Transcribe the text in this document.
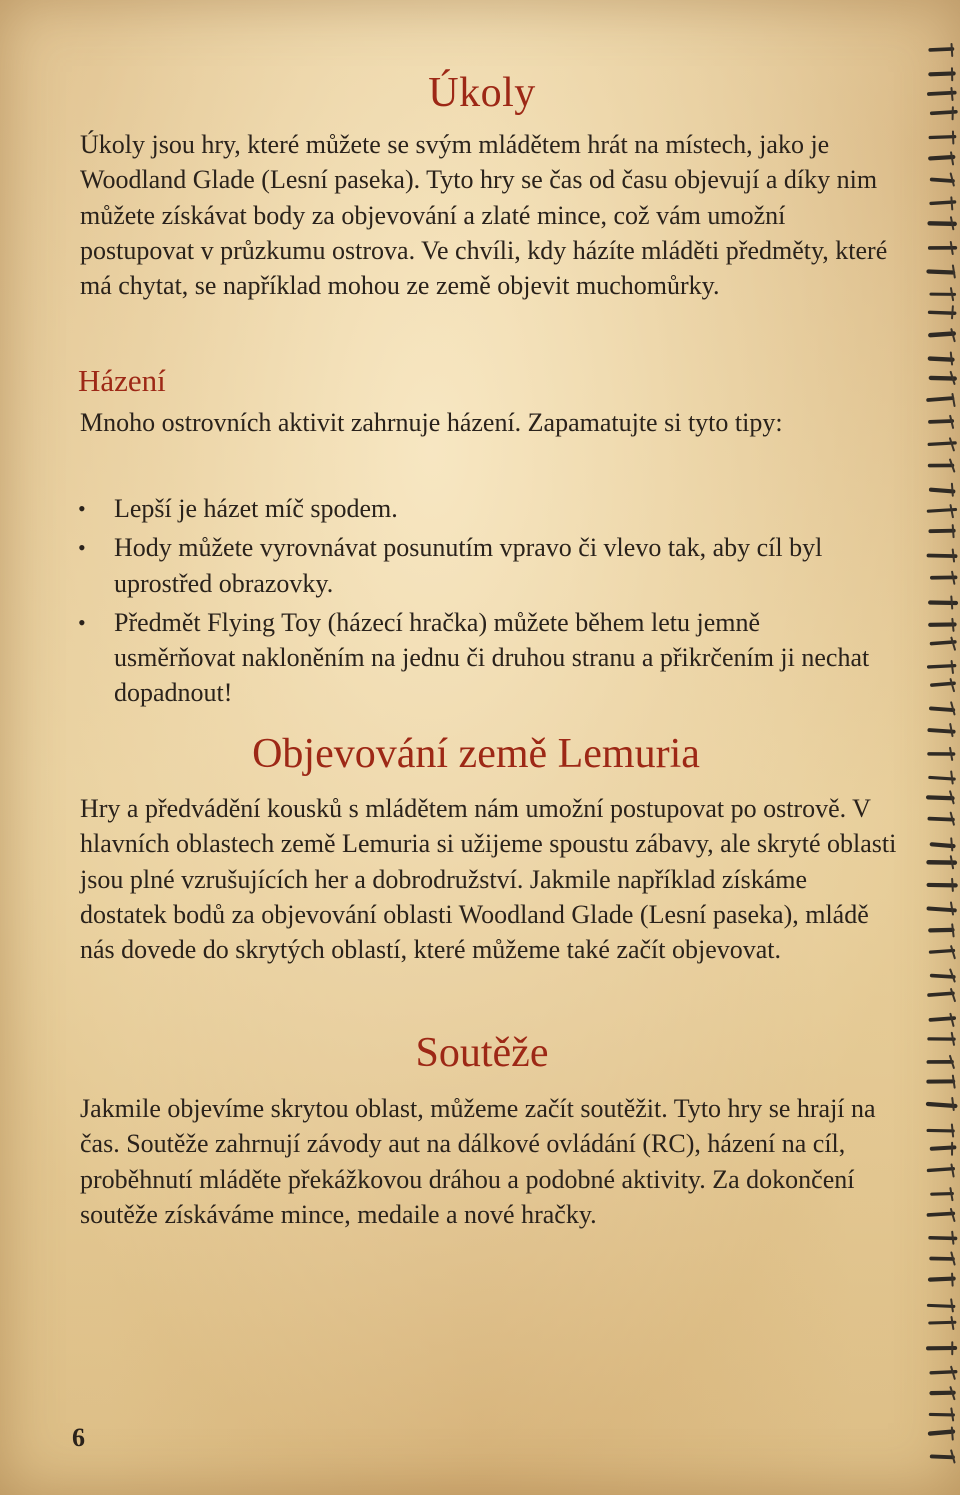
Úkoly

Úkoly jsou hry, které můžete se svým mládětem hrát na místech, jako je Woodland Glade (Lesní paseka). Tyto hry se čas od času objevují a díky nim můžete získávat body za objevování a zlaté mince, což vám umožní postupovat v průzkumu ostrova. Ve chvíli, kdy házíte mláděti předměty, které má chytat, se například mohou ze země objevit muchomůrky.

Házení

Mnoho ostrovních aktivit zahrnuje házení. Zapamatujte si tyto tipy:

• Lepší je házet míč spodem.
• Hody můžete vyrovnávat posunutím vpravo či vlevo tak, aby cíl byl uprostřed obrazovky.
• Předmět Flying Toy (házecí hračka) můžete během letu jemně usměrňovat nakloněním na jednu či druhou stranu a přikrčením ji nechat dopadnout!
Objevování země Lemuria

Hry a předvádění kousků s mládětem nám umožní postupovat po ostrově. V hlavních oblastech země Lemuria si užijeme spoustu zábavy, ale skryté oblasti jsou plné vzrušujících her a dobrodružství. Jakmile například získáme dostatek bodů za objevování oblasti Woodland Glade (Lesní paseka), mládě nás dovede do skrytých oblastí, které můžeme také začít objevovat.

Soutěže

Jakmile objevíme skrytou oblast, můžeme začít soutěžit. Tyto hry se hrají na čas. Soutěže zahrnují závody aut na dálkové ovládání (RC), házení na cíl, proběhnutí mláděte překážkovou dráhou a podobné aktivity. Za dokončení soutěže získáváme mince, medaile a nové hračky.

6
